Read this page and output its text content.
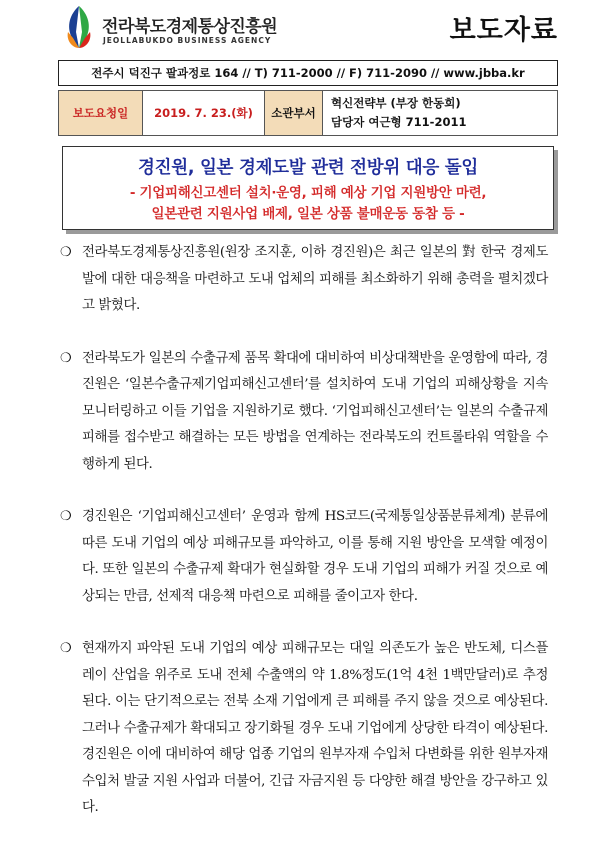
전라북도경제통상진흥원
JEOLLABUKDO BUSINESS AGENCY	보도자료
전주시 덕진구 팔과정로 164 // T) 711-2000 // F) 711-2090 // www.jbba.kr
보도요청일	2019. 7. 23.(화)	소관부서	
혁신전략부 (부장 한동희)
담당자 여근형 711-2011
경진원, 일본 경제도발 관련 전방위 대응 돌입
- 기업피해신고센터 설치·운영, 피해 예상 기업 지원방안 마련,
일본관련 지원사업 배제, 일본 상품 불매운동 동참 등 -
❍ 전라북도경제통상진흥원(원장 조지훈, 이하 경진원)은 최근 일본의 對 한국 경제도발에 대한 대응책을 마련하고 도내 업체의 피해를 최소화하기 위해 총력을 펼치겠다고 밝혔다.
❍ 전라북도가 일본의 수출규제 품목 확대에 대비하여 비상대책반을 운영함에 따라, 경진원은 ‘일본수출규제기업피해신고센터’를 설치하여 도내 기업의 피해상황을 지속 모니터링하고 이들 기업을 지원하기로 했다. ‘기업피해신고센터’는 일본의 수출규제 피해를 접수받고 해결하는 모든 방법을 연계하는 전라북도의 컨트롤타워 역할을 수행하게 된다.
❍ 경진원은 ‘기업피해신고센터’ 운영과 함께 HS코드(국제통일상품분류체계) 분류에 따른 도내 기업의 예상 피해규모를 파악하고, 이를 통해 지원 방안을 모색할 예정이다. 또한 일본의 수출규제 확대가 현실화할 경우 도내 기업의 피해가 커질 것으로 예상되는 만큼, 선제적 대응책 마련으로 피해를 줄이고자 한다.
❍ 현재까지 파악된 도내 기업의 예상 피해규모는 대일 의존도가 높은 반도체, 디스플레이 산업을 위주로 도내 전체 수출액의 약 1.8%정도(1억 4천 1백만달러)로 추정된다. 이는 단기적으로는 전북 소재 기업에게 큰 피해를 주지 않을 것으로 예상된다. 그러나 수출규제가 확대되고 장기화될 경우 도내 기업에게 상당한 타격이 예상된다. 경진원은 이에 대비하여 해당 업종 기업의 원부자재 수입처 다변화를 위한 원부자재 수입처 발굴 지원 사업과 더불어, 긴급 자금지원 등 다양한 해결 방안을 강구하고 있다.
